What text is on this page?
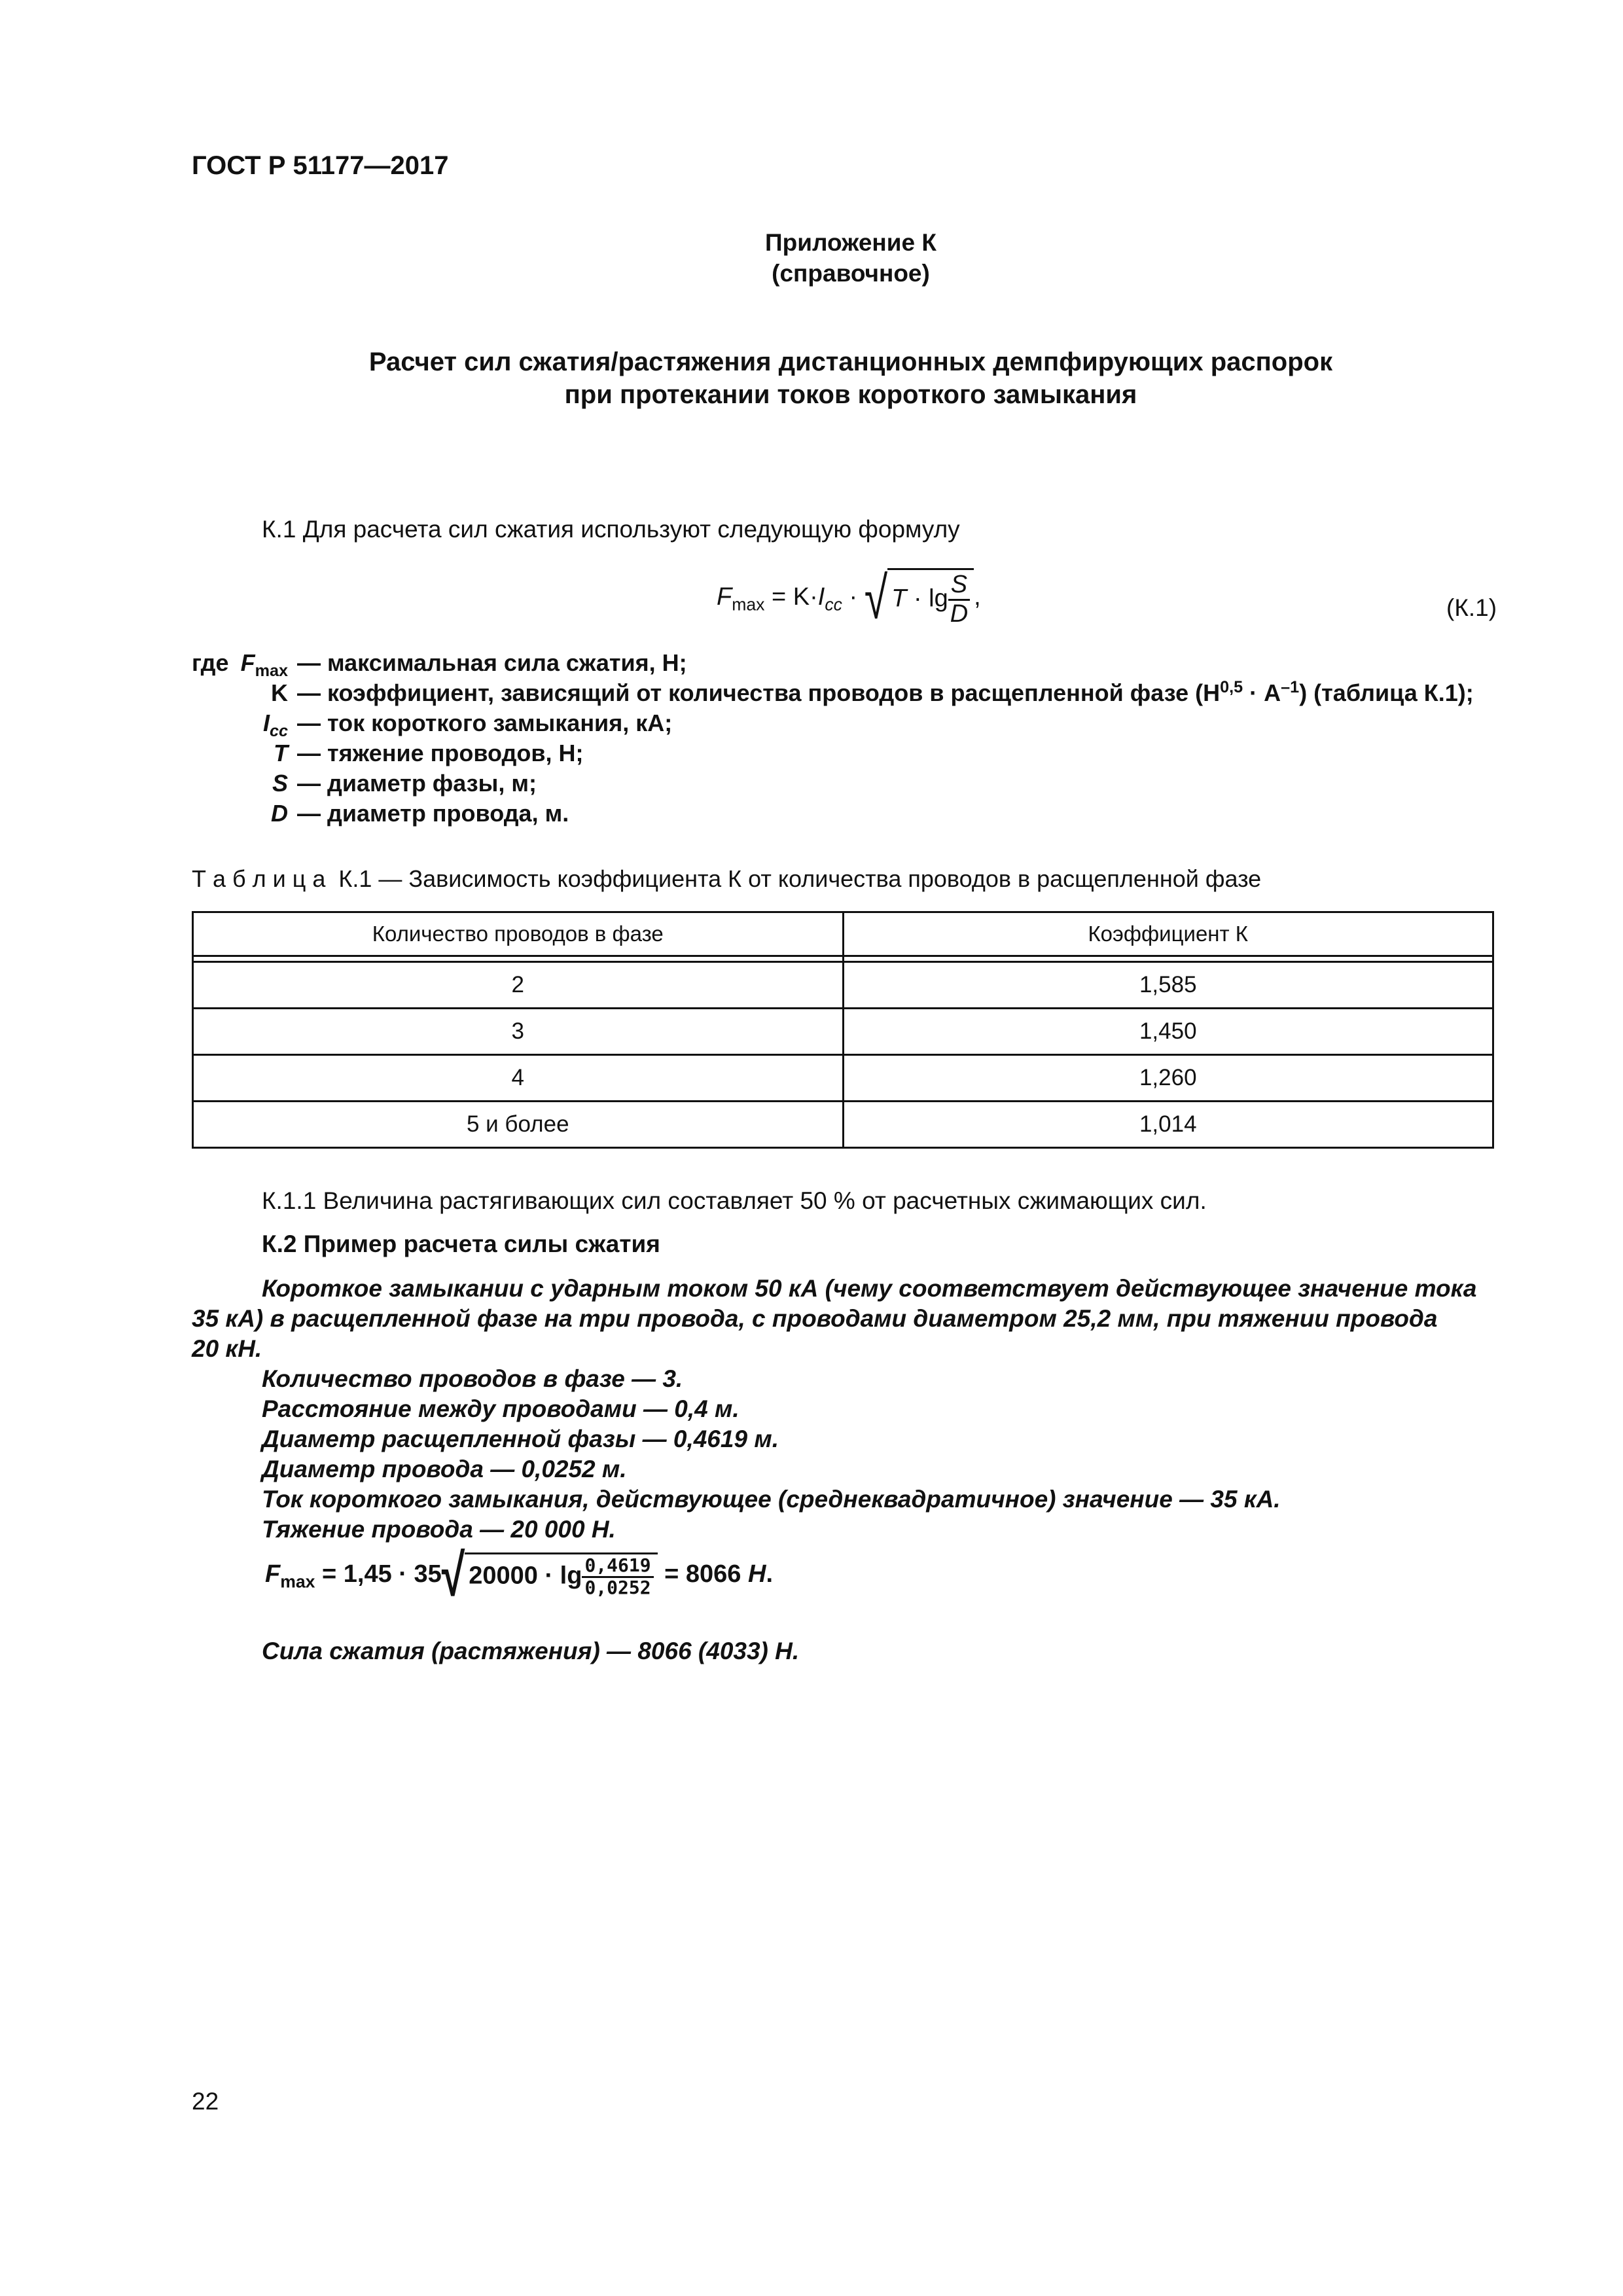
ГОСТ Р 51177—2017
Приложение К
(справочное)
Расчет сил сжатия/растяжения дистанционных демпфирующих распорок
при протекании токов короткого замыкания
К.1 Для расчета сил сжатия используют следующую формулу
$F_{max} = K\cdot I_{cc}$ · √ $T \cdot \lg \frac{S}{D}$ ,	(К.1)
где $F_{max}$ — максимальная сила сжатия, Н;
K — коэффициент, зависящий от количества проводов в расщепленной фазе $(Н^{0,5} \cdot А^{-1})$ (таблица К.1);
$I_{cc}$ — ток короткого замыкания, кА;
T — тяжение проводов, Н;
S — диаметр фазы, м;
D — диаметр провода, м.
Т а б л и ц а  К.1 — Зависимость коэффициента К от количества проводов в расщепленной фазе
Количество проводов в фазе	Коэффициент К

2	1,585
3	1,450
4	1,260
5 и более	1,014
К.1.1 Величина растягивающих сил составляет 50 % от расчетных сжимающих сил.
К.2 Пример расчета силы сжатия
Короткое замыкании с ударным током 50 кА (чему соответствует действующее значение тока
35 кА) в расщепленной фазе на три провода, с проводами диаметром 25,2 мм, при тяжении провода
20 кН.
Количество проводов в фазе — 3.
Расстояние между проводами — 0,4 м.
Диаметр расщепленной фазы — 0,4619 м.
Диаметр провода — 0,0252 м.
Ток короткого замыкания, действующее (среднеквадратичное) значение — 35 кА.
Тяжение провода — 20 000 Н.
$F_{max} = 1,45 \cdot 35√$ $20000 \cdot \lg \frac{0,4619}{0,0252} = 8066$ Н.
Сила сжатия (растяжения) — 8066 (4033) Н.
22
